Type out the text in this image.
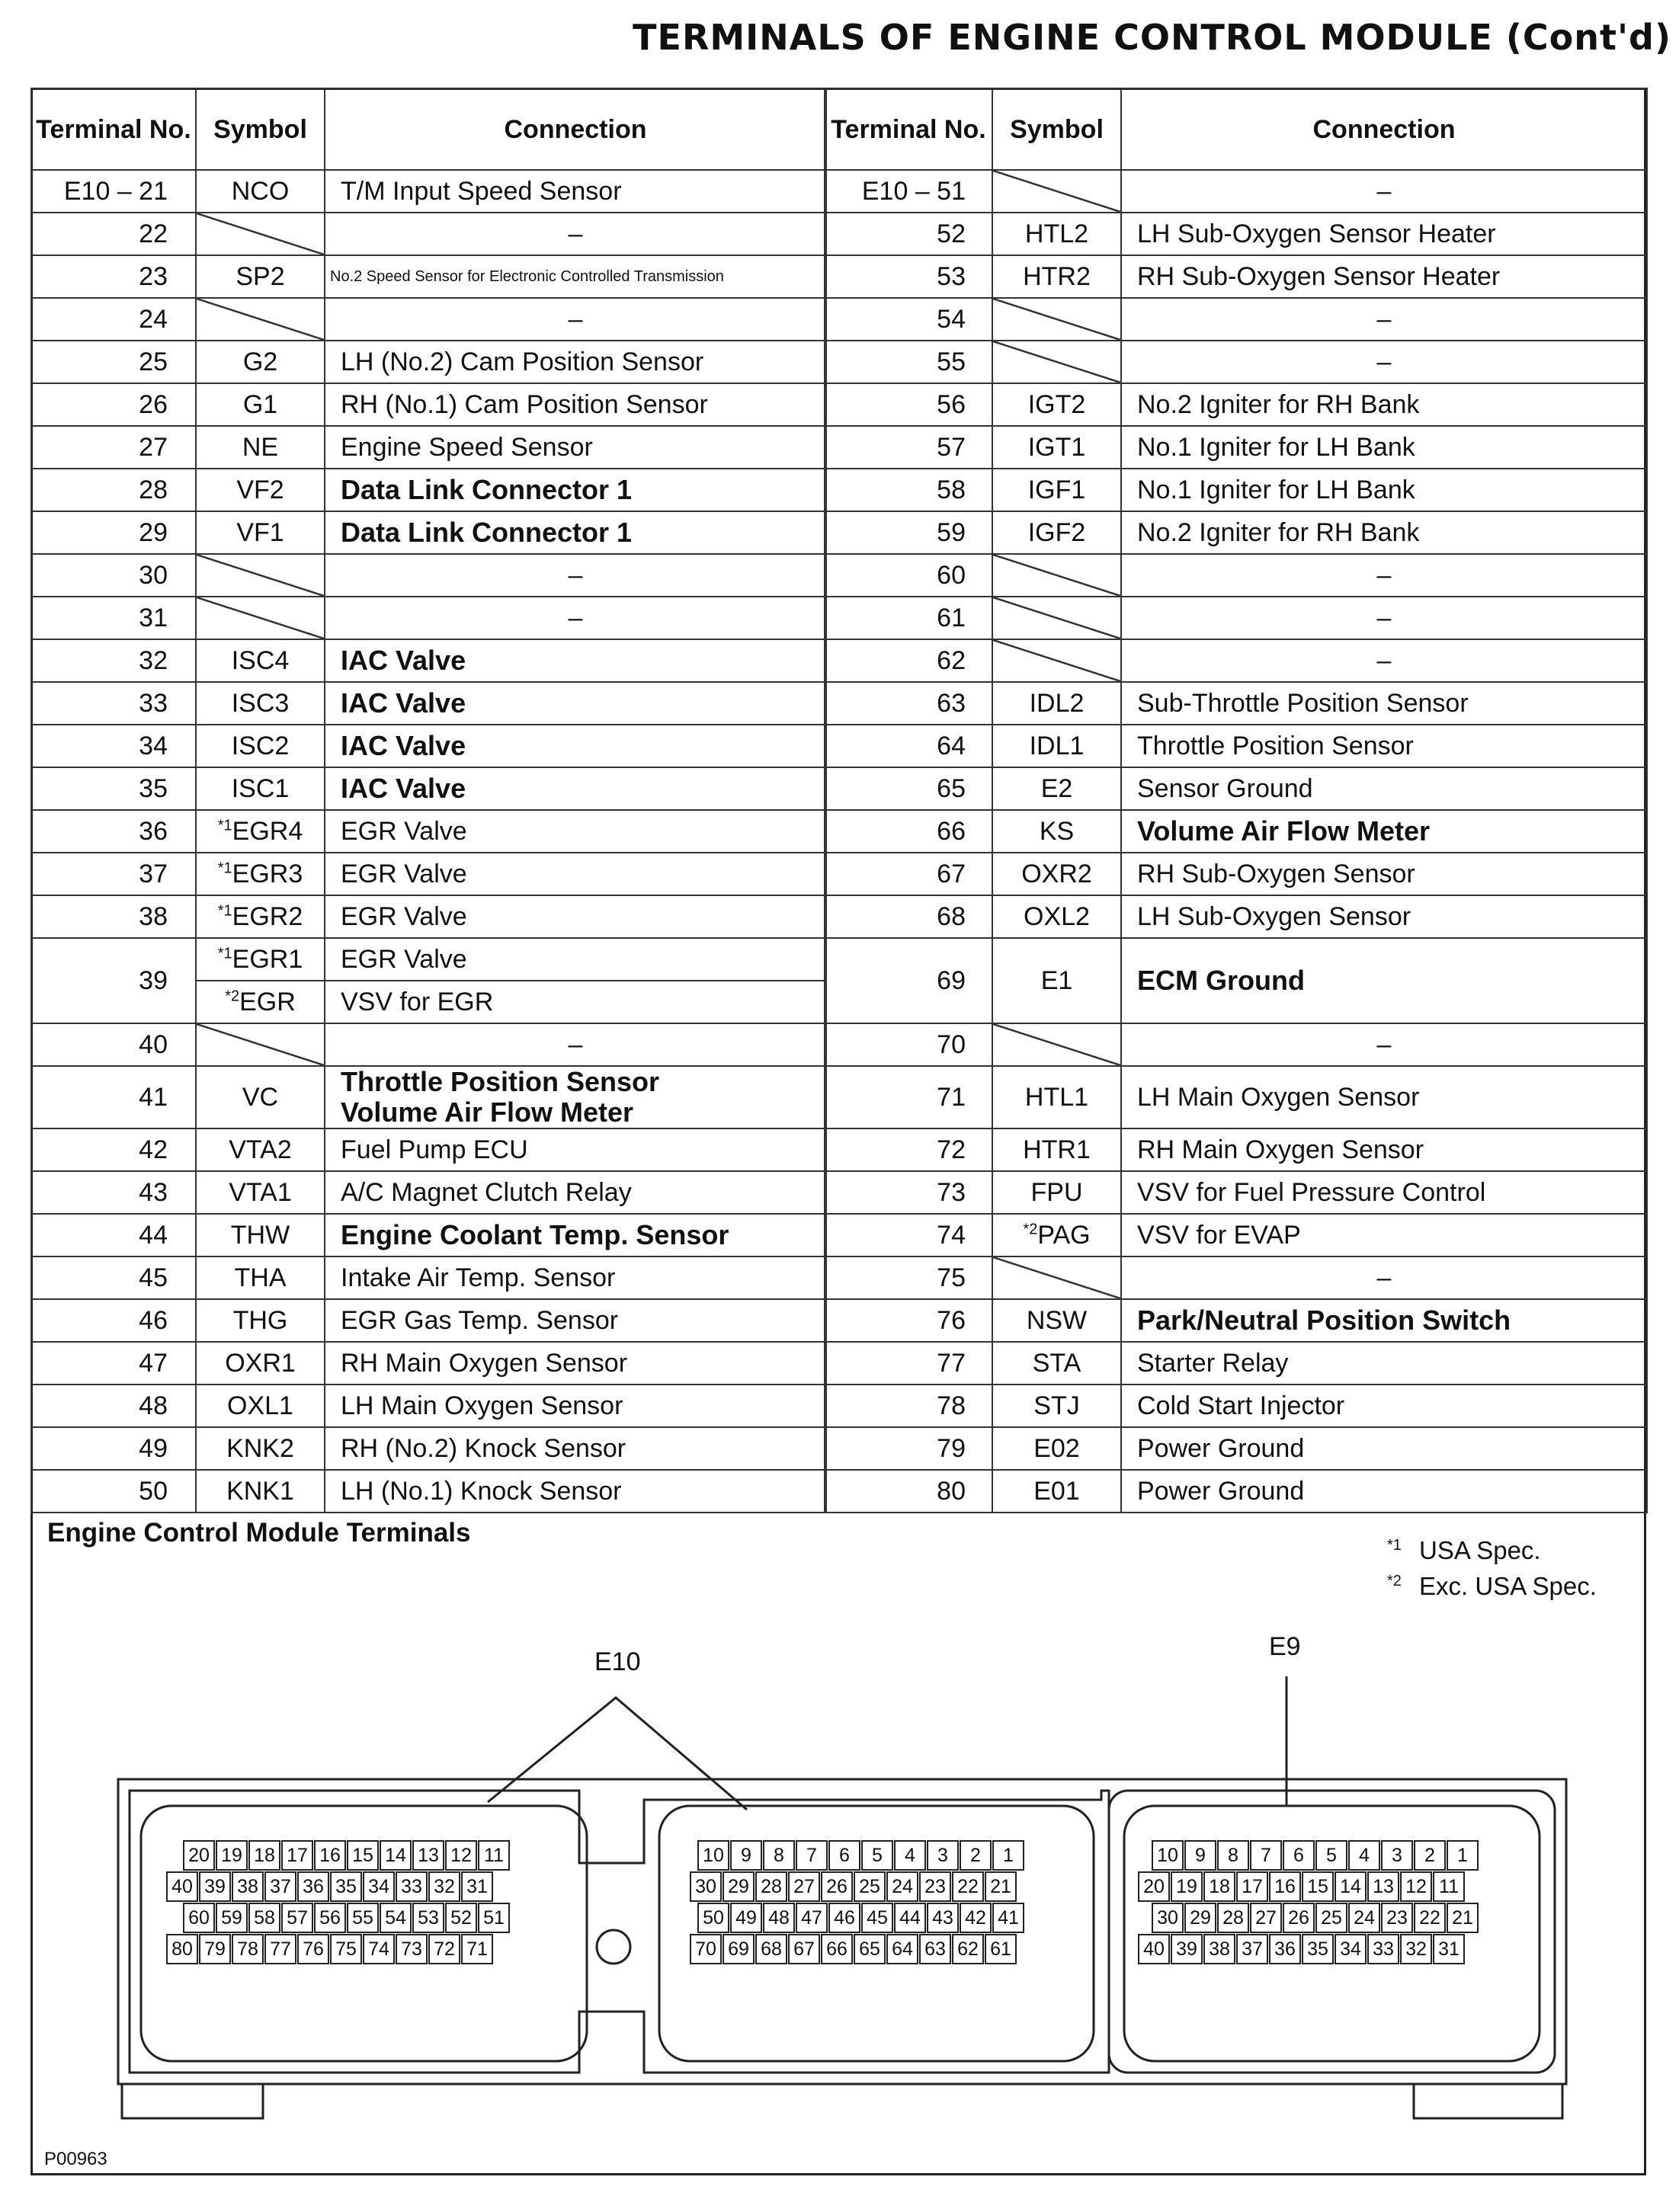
TERMINALS OF ENGINE CONTROL MODULE (Cont'd)
Terminal No.	Symbol	Connection
E10 – 21	NCO	T/M Input Speed Sensor

22		–

23	SP2	No.2 Speed Sensor for Electronic Controlled Transmission

24		–

25	G2	LH (No.2) Cam Position Sensor

26	G1	RH (No.1) Cam Position Sensor

27	NE	Engine Speed Sensor

28	VF2	Data Link Connector 1

29	VF1	Data Link Connector 1

30		–

31		–

32	ISC4	IAC Valve

33	ISC3	IAC Valve

34	ISC2	IAC Valve

35	ISC1	IAC Valve

36	$^{*1}$EGR4	EGR Valve

37	$^{*1}$EGR3	EGR Valve

38	$^{*1}$EGR2	EGR Valve

39	$^{*1}$EGR1	EGR Valve

	$^{*2}$EGR	VSV for EGR

40		–

41	VC	Throttle Position Sensor
Volume Air Flow Meter

42	VTA2	Fuel Pump ECU

43	VTA1	A/C Magnet Clutch Relay

44	THW	Engine Coolant Temp. Sensor

45	THA	Intake Air Temp. Sensor

46	THG	EGR Gas Temp. Sensor

47	OXR1	RH Main Oxygen Sensor

48	OXL1	LH Main Oxygen Sensor

49	KNK2	RH (No.2) Knock Sensor

50	KNK1	LH (No.1) Knock Sensor
Terminal No.	Symbol	Connection
E10 – 51		–

52	HTL2	LH Sub-Oxygen Sensor Heater

53	HTR2	RH Sub-Oxygen Sensor Heater

54		–

55		–

56	IGT2	No.2 Igniter for RH Bank

57	IGT1	No.1 Igniter for LH Bank

58	IGF1	No.1 Igniter for LH Bank

59	IGF2	No.2 Igniter for RH Bank

60		–

61		–

62		–

63	IDL2	Sub-Throttle Position Sensor

64	IDL1	Throttle Position Sensor

65	E2	Sensor Ground

66	KS	Volume Air Flow Meter

67	OXR2	RH Sub-Oxygen Sensor

68	OXL2	LH Sub-Oxygen Sensor

69	E1	ECM Ground

70		–

71	HTL1	LH Main Oxygen Sensor

72	HTR1	RH Main Oxygen Sensor

73	FPU	VSV for Fuel Pressure Control

74	$^{*2}$PAG	VSV for EVAP

75		–

76	NSW	Park/Neutral Position Switch

77	STA	Starter Relay

78	STJ	Cold Start Injector

79	E02	Power Ground

80	E01	Power Ground
Engine Control Module Terminals	*1 USA Spec.
*2 Exc. USA Spec.
E10
E9
20 19 18 17 16 15 14 13 12 11
40 39 38 37 36 35 34 33 32 31
60 59 58 57 56 55 54 53 52 51
80 79 78 77 76 75 74 73 72 71
10 9	8	7	6	5	4	3	2	1
30 29 28 27 26 25 24 23 22 21
50 49 48 47 46 45 44 43 42 41
70 69 68 67 66 65 64 63 62 61
10 9	8	7	6	5	4	3	2	1
20 19 18 17 16 15 14 13 12 11
30 29 28 27 26 25 24 23 22 21
40 39 38 37 36 35 34 33 32 31
P00963
